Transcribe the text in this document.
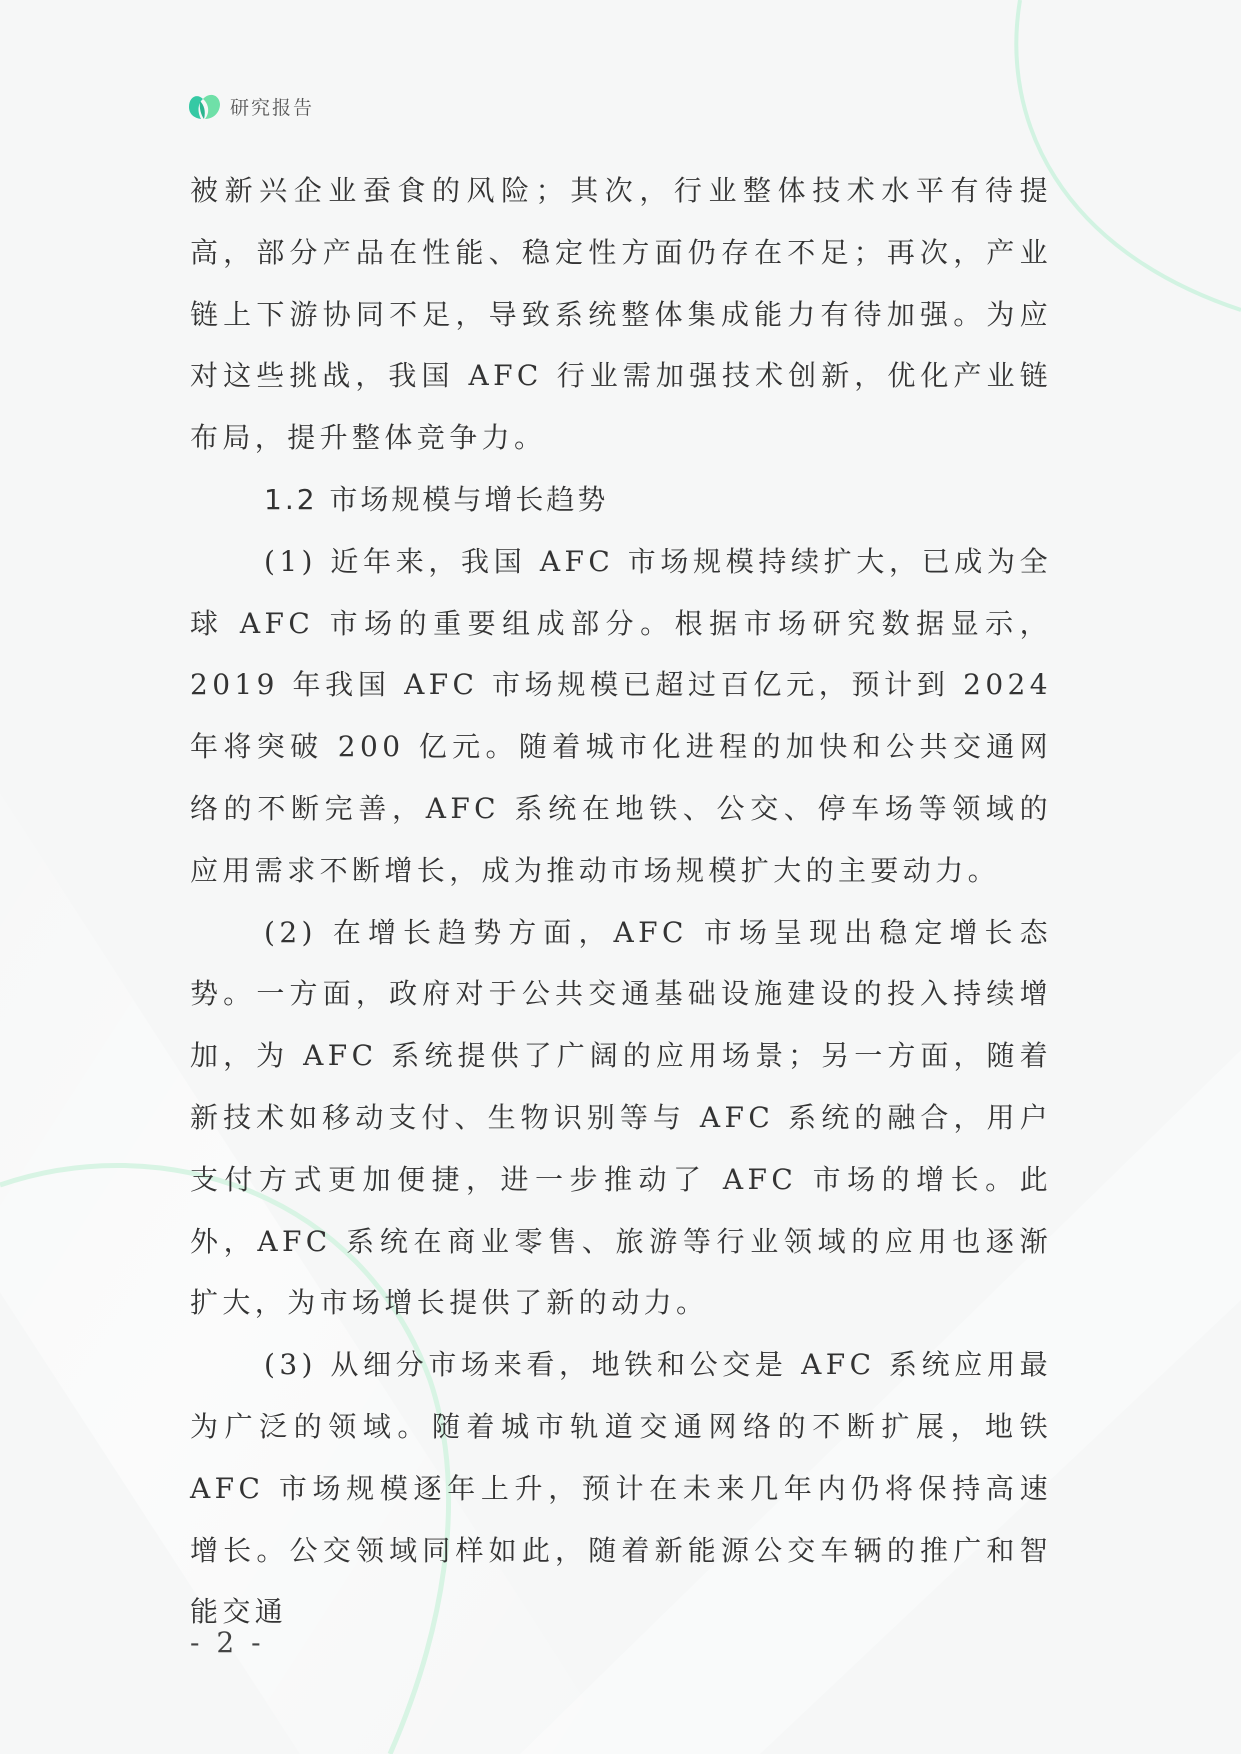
研究报告

被新兴企业蚕食的风险；其次，行业整体技术水平有待提高，部分产品在性能、稳定性方面仍存在不足；再次，产业链上下游协同不足，导致系统整体集成能力有待加强。为应对这些挑战，我国 AFC 行业需加强技术创新，优化产业链布局，提升整体竞争力。

1.2 市场规模与增长趋势

(1) 近年来，我国 AFC 市场规模持续扩大，已成为全球 AFC 市场的重要组成部分。根据市场研究数据显示，2019 年我国 AFC 市场规模已超过百亿元，预计到 2024 年将突破 200 亿元。随着城市化进程的加快和公共交通网络的不断完善，AFC 系统在地铁、公交、停车场等领域的应用需求不断增长，成为推动市场规模扩大的主要动力。

(2) 在增长趋势方面，AFC 市场呈现出稳定增长态势。一方面，政府对于公共交通基础设施建设的投入持续增加，为 AFC 系统提供了广阔的应用场景；另一方面，随着新技术如移动支付、生物识别等与 AFC 系统的融合，用户支付方式更加便捷，进一步推动了 AFC 市场的增长。此外，AFC 系统在商业零售、旅游等行业领域的应用也逐渐扩大，为市场增长提供了新的动力。

(3) 从细分市场来看，地铁和公交是 AFC 系统应用最为广泛的领域。随着城市轨道交通网络的不断扩展，地铁 AFC 市场规模逐年上升，预计在未来几年内仍将保持高速增长。公交领域同样如此，随着新能源公交车辆的推广和智能交通

- 2 -
